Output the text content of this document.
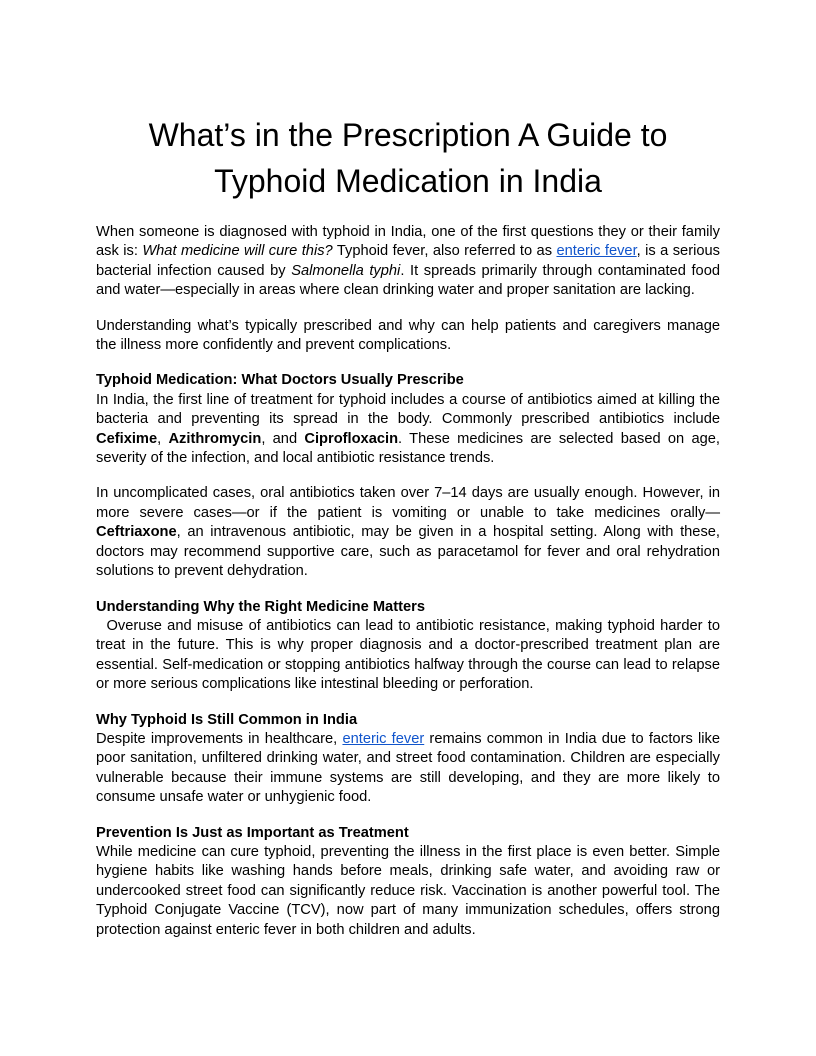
What’s in the Prescription A Guide to Typhoid Medication in India

When someone is diagnosed with typhoid in India, one of the first questions they or their family ask is: What medicine will cure this? Typhoid fever, also referred to as enteric fever, is a serious bacterial infection caused by Salmonella typhi. It spreads primarily through contaminated food and water—especially in areas where clean drinking water and proper sanitation are lacking.

Understanding what’s typically prescribed and why can help patients and caregivers manage the illness more confidently and prevent complications.

Typhoid Medication: What Doctors Usually Prescribe

In India, the first line of treatment for typhoid includes a course of antibiotics aimed at killing the bacteria and preventing its spread in the body. Commonly prescribed antibiotics include Cefixime, Azithromycin, and Ciprofloxacin. These medicines are selected based on age, severity of the infection, and local antibiotic resistance trends.

In uncomplicated cases, oral antibiotics taken over 7–14 days are usually enough. However, in more severe cases—or if the patient is vomiting or unable to take medicines orally—Ceftriaxone, an intravenous antibiotic, may be given in a hospital setting. Along with these, doctors may recommend supportive care, such as paracetamol for fever and oral rehydration solutions to prevent dehydration.

Understanding Why the Right Medicine Matters

Overuse and misuse of antibiotics can lead to antibiotic resistance, making typhoid harder to treat in the future. This is why proper diagnosis and a doctor-prescribed treatment plan are essential. Self-medication or stopping antibiotics halfway through the course can lead to relapse or more serious complications like intestinal bleeding or perforation.

Why Typhoid Is Still Common in India

Despite improvements in healthcare, enteric fever remains common in India due to factors like poor sanitation, unfiltered drinking water, and street food contamination. Children are especially vulnerable because their immune systems are still developing, and they are more likely to consume unsafe water or unhygienic food.

Prevention Is Just as Important as Treatment

While medicine can cure typhoid, preventing the illness in the first place is even better. Simple hygiene habits like washing hands before meals, drinking safe water, and avoiding raw or undercooked street food can significantly reduce risk. Vaccination is another powerful tool. The Typhoid Conjugate Vaccine (TCV), now part of many immunization schedules, offers strong protection against enteric fever in both children and adults.
